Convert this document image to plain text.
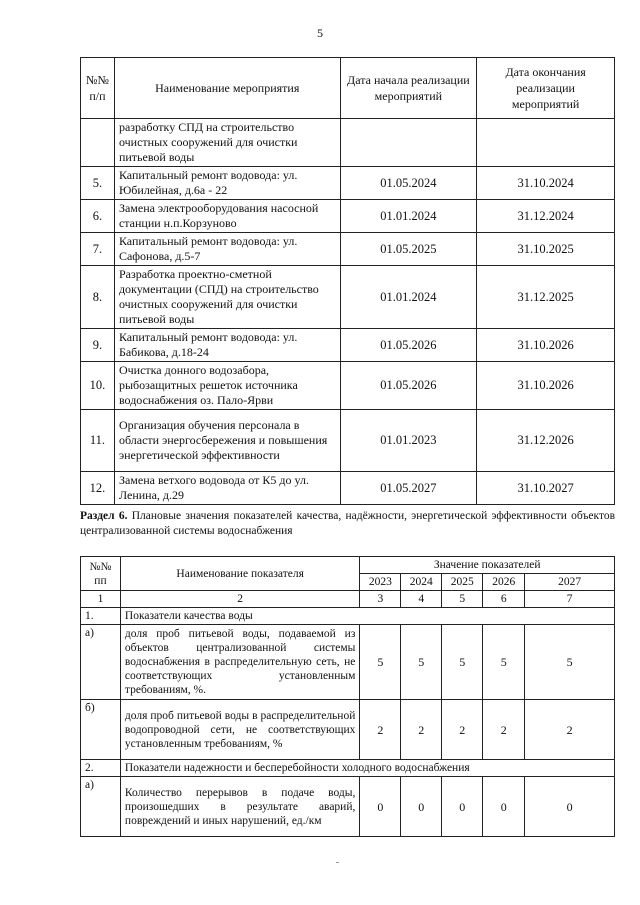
5
№№
п/п	Наименование мероприятия	Дата начала реализации мероприятий	Дата окончания реализации мероприятий
	разработку СПД на строительство очистных сооружений для очистки питьевой воды		
5.	Капитальный ремонт водовода: ул. Юбилейная, д.6а - 22	01.05.2024	31.10.2024
6.	Замена электрооборудования насосной станции н.п.Корзуново	01.01.2024	31.12.2024
7.	Капитальный ремонт водовода: ул. Сафонова, д.5-7	01.05.2025	31.10.2025
8.	Разработка проектно-сметной документации (СПД) на строительство очистных сооружений для очистки питьевой воды	01.01.2024	31.12.2025
9.	Капитальный ремонт водовода: ул. Бабикова, д.18-24	01.05.2026	31.10.2026
10.	Очистка донного водозабора, рыбозащитных решеток источника водоснабжения оз. Пало-Ярви	01.05.2026	31.10.2026
11.	Организация обучения персонала в области энергосбережения и повышения энергетической эффективности	01.01.2023	31.12.2026
12.	Замена ветхого водовода от К5 до ул. Ленина, д.29	01.05.2027	31.10.2027
Раздел 6. Плановые значения показателей качества, надёжности, энергетической эффективности объектов централизованной системы водоснабжения
№№
пп	Наименование показателя	Значение показателей				
		2023	2024	2025	2026	2027
1	2	3	4	5	6	7
1.	Показатели качества воды					
а)	доля проб питьевой воды, подаваемой из объектов централизованной системы водоснабжения в распределительную сеть, не соответствующих установленным требованиям, %.	5	5	5	5	5
б)	доля проб питьевой воды в распределительной водопроводной сети, не соответствующих установленным требованиям, %	2	2	2	2	2
2.	Показатели надежности и бесперебойности холодного водоснабжения					
а)	Количество перерывов в подаче воды, произошедших в результате аварий, повреждений и иных нарушений, ед./км	0	0	0	0	0
